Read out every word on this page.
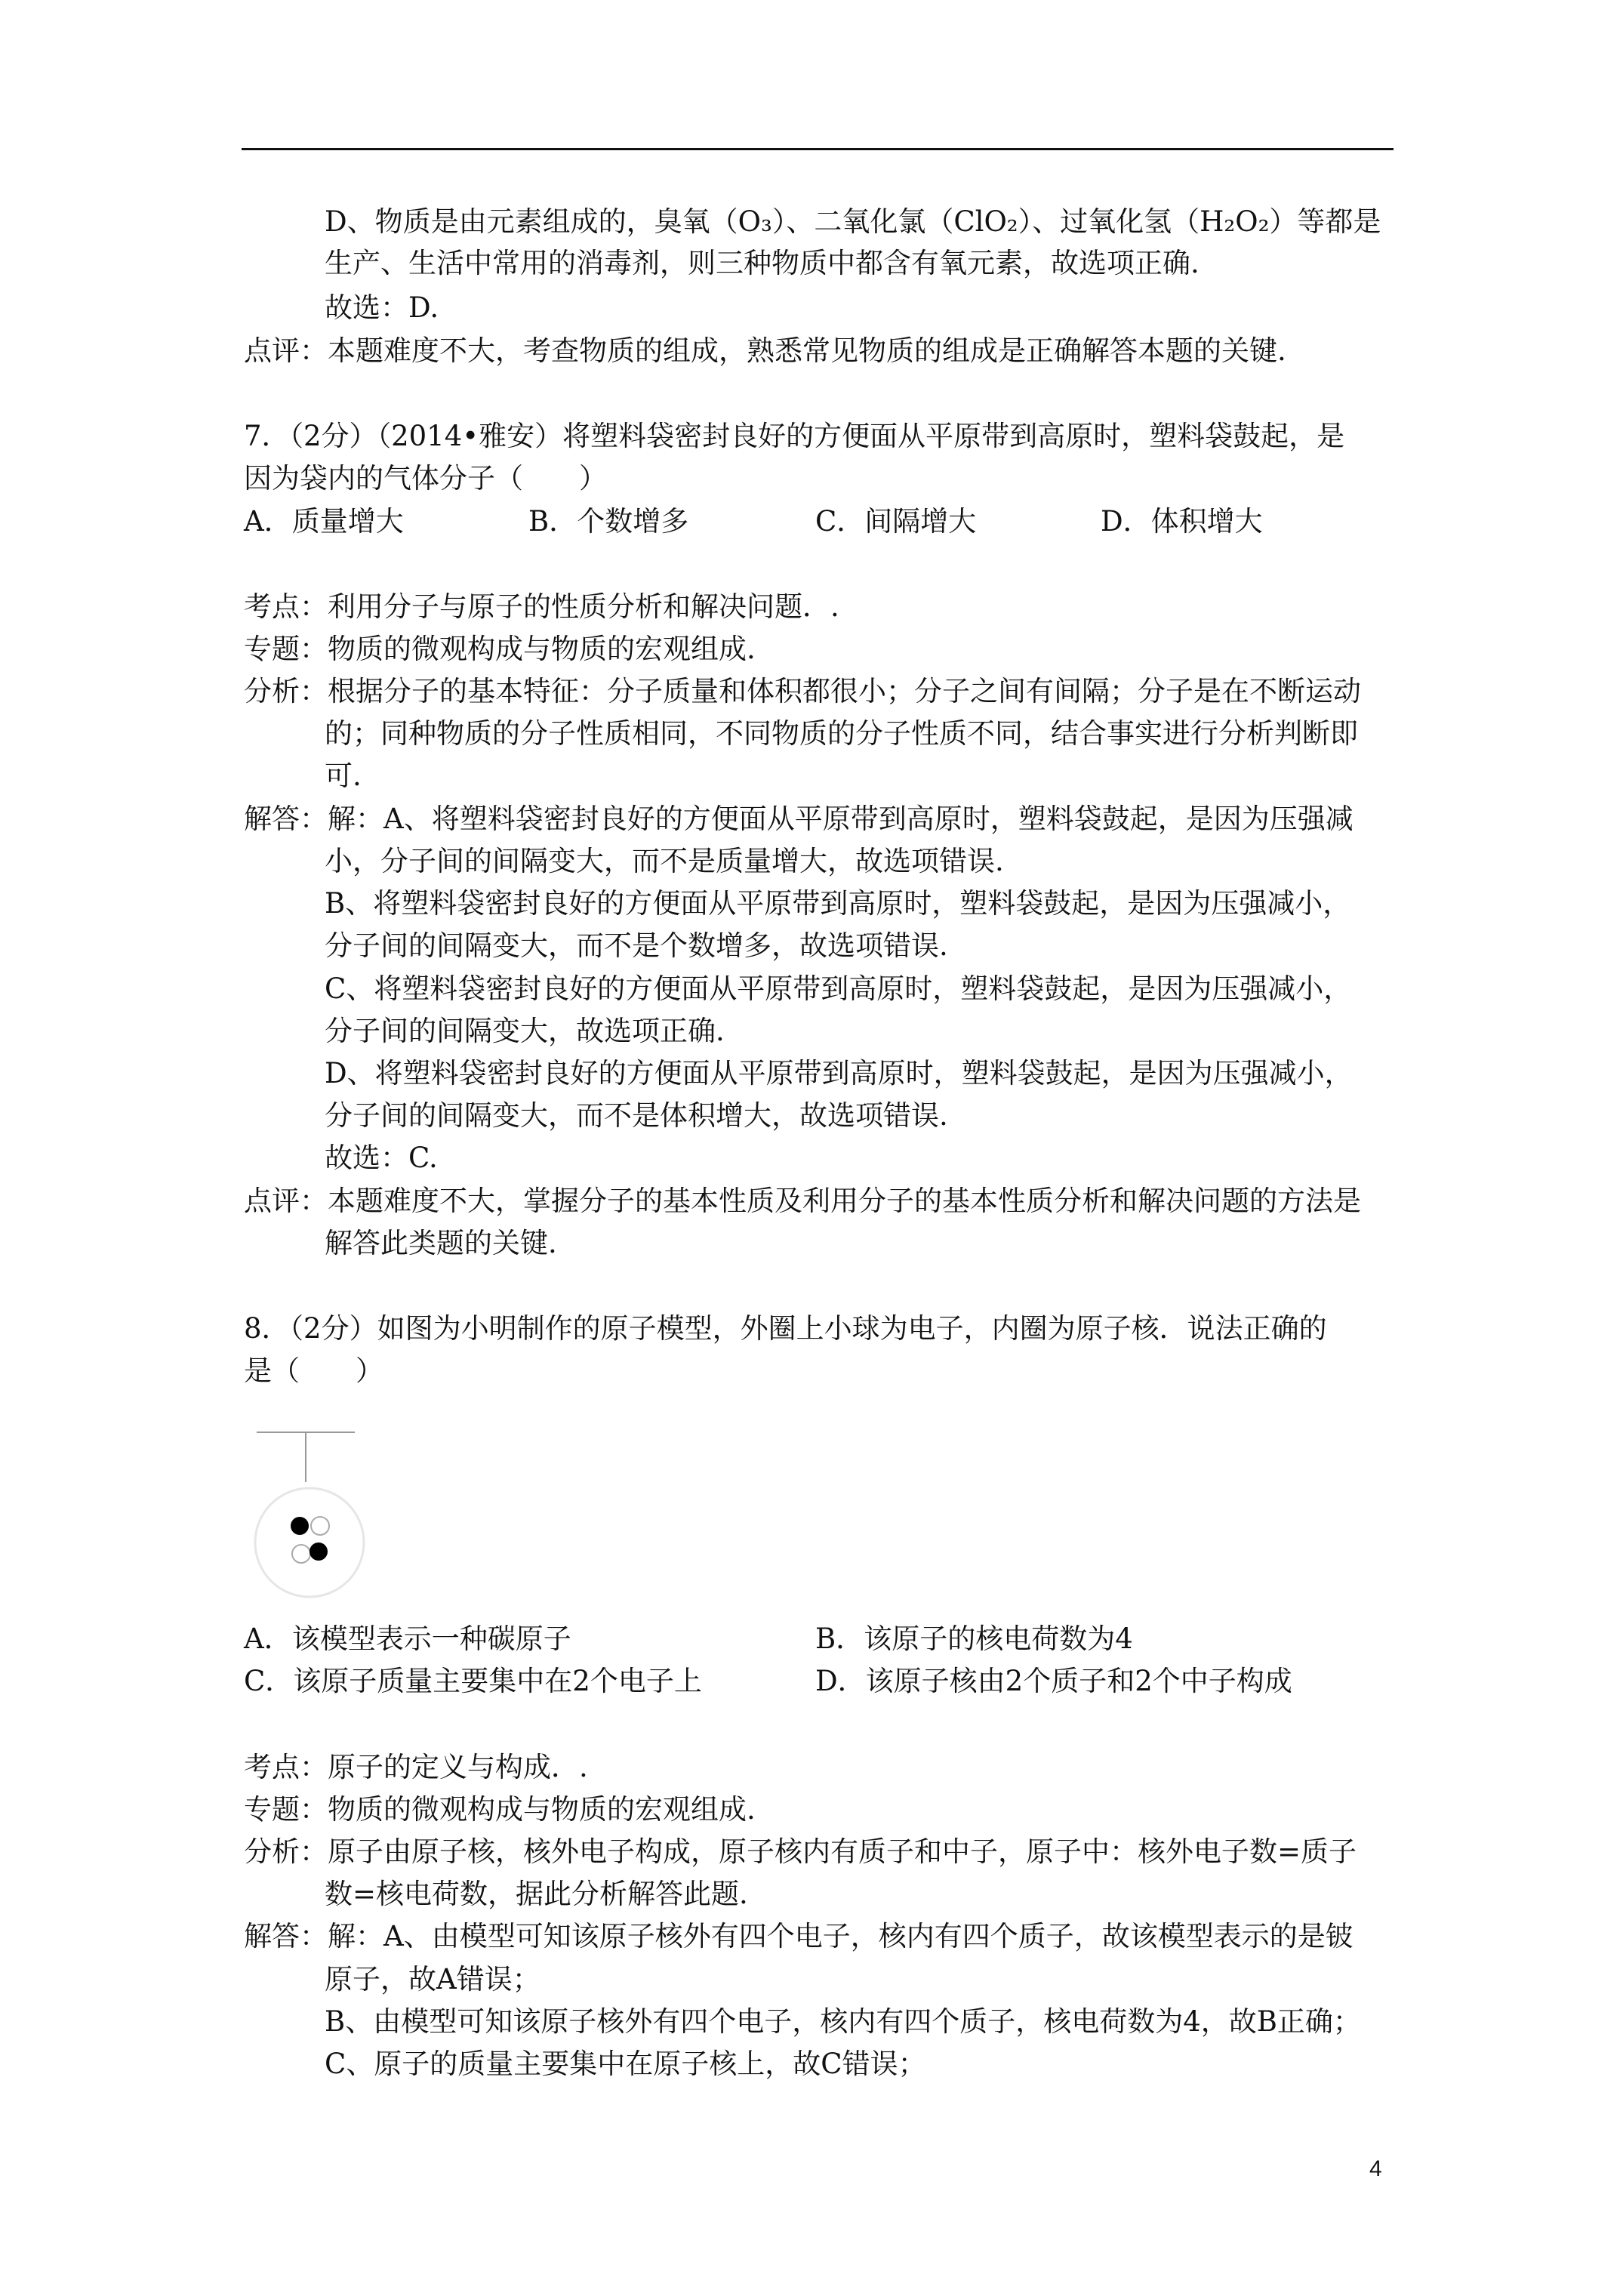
D、物质是由元素组成的，臭氧（O₃）、二氧化氯（ClO₂）、过氧化氢（H₂O₂）等都是
生产、生活中常用的消毒剂，则三种物质中都含有氧元素，故选项正确.
故选：D.
点评：本题难度不大，考查物质的组成，熟悉常见物质的组成是正确解答本题的关键.
7．（2分）（2014•雅安）将塑料袋密封良好的方便面从平原带到高原时，塑料袋鼓起，是
因为袋内的气体分子（　　）
A．质量增大	B．个数增多	C．间隔增大	D．体积增大
考点：利用分子与原子的性质分析和解决问题．.
专题：物质的微观构成与物质的宏观组成.
分析：根据分子的基本特征：分子质量和体积都很小；分子之间有间隔；分子是在不断运动
的；同种物质的分子性质相同，不同物质的分子性质不同，结合事实进行分析判断即
可.
解答：解：A、将塑料袋密封良好的方便面从平原带到高原时，塑料袋鼓起，是因为压强减
小，分子间的间隔变大，而不是质量增大，故选项错误.
B、将塑料袋密封良好的方便面从平原带到高原时，塑料袋鼓起，是因为压强减小，
分子间的间隔变大，而不是个数增多，故选项错误.
C、将塑料袋密封良好的方便面从平原带到高原时，塑料袋鼓起，是因为压强减小，
分子间的间隔变大，故选项正确.
D、将塑料袋密封良好的方便面从平原带到高原时，塑料袋鼓起，是因为压强减小，
分子间的间隔变大，而不是体积增大，故选项错误.
故选：C.
点评：本题难度不大，掌握分子的基本性质及利用分子的基本性质分析和解决问题的方法是
解答此类题的关键.
8．（2分）如图为小明制作的原子模型，外圈上小球为电子，内圈为原子核．说法正确的
是（　　）
A．该模型表示一种碳原子	B．该原子的核电荷数为4
C．该原子质量主要集中在2个电子上	D．该原子核由2个质子和2个中子构成
考点：原子的定义与构成．.
专题：物质的微观构成与物质的宏观组成.
分析：原子由原子核，核外电子构成，原子核内有质子和中子，原子中：核外电子数=质子
数=核电荷数，据此分析解答此题.
解答：解：A、由模型可知该原子核外有四个电子，核内有四个质子，故该模型表示的是铍
原子，故A错误；
B、由模型可知该原子核外有四个电子，核内有四个质子，核电荷数为4，故B正确；
C、原子的质量主要集中在原子核上，故C错误；
4
